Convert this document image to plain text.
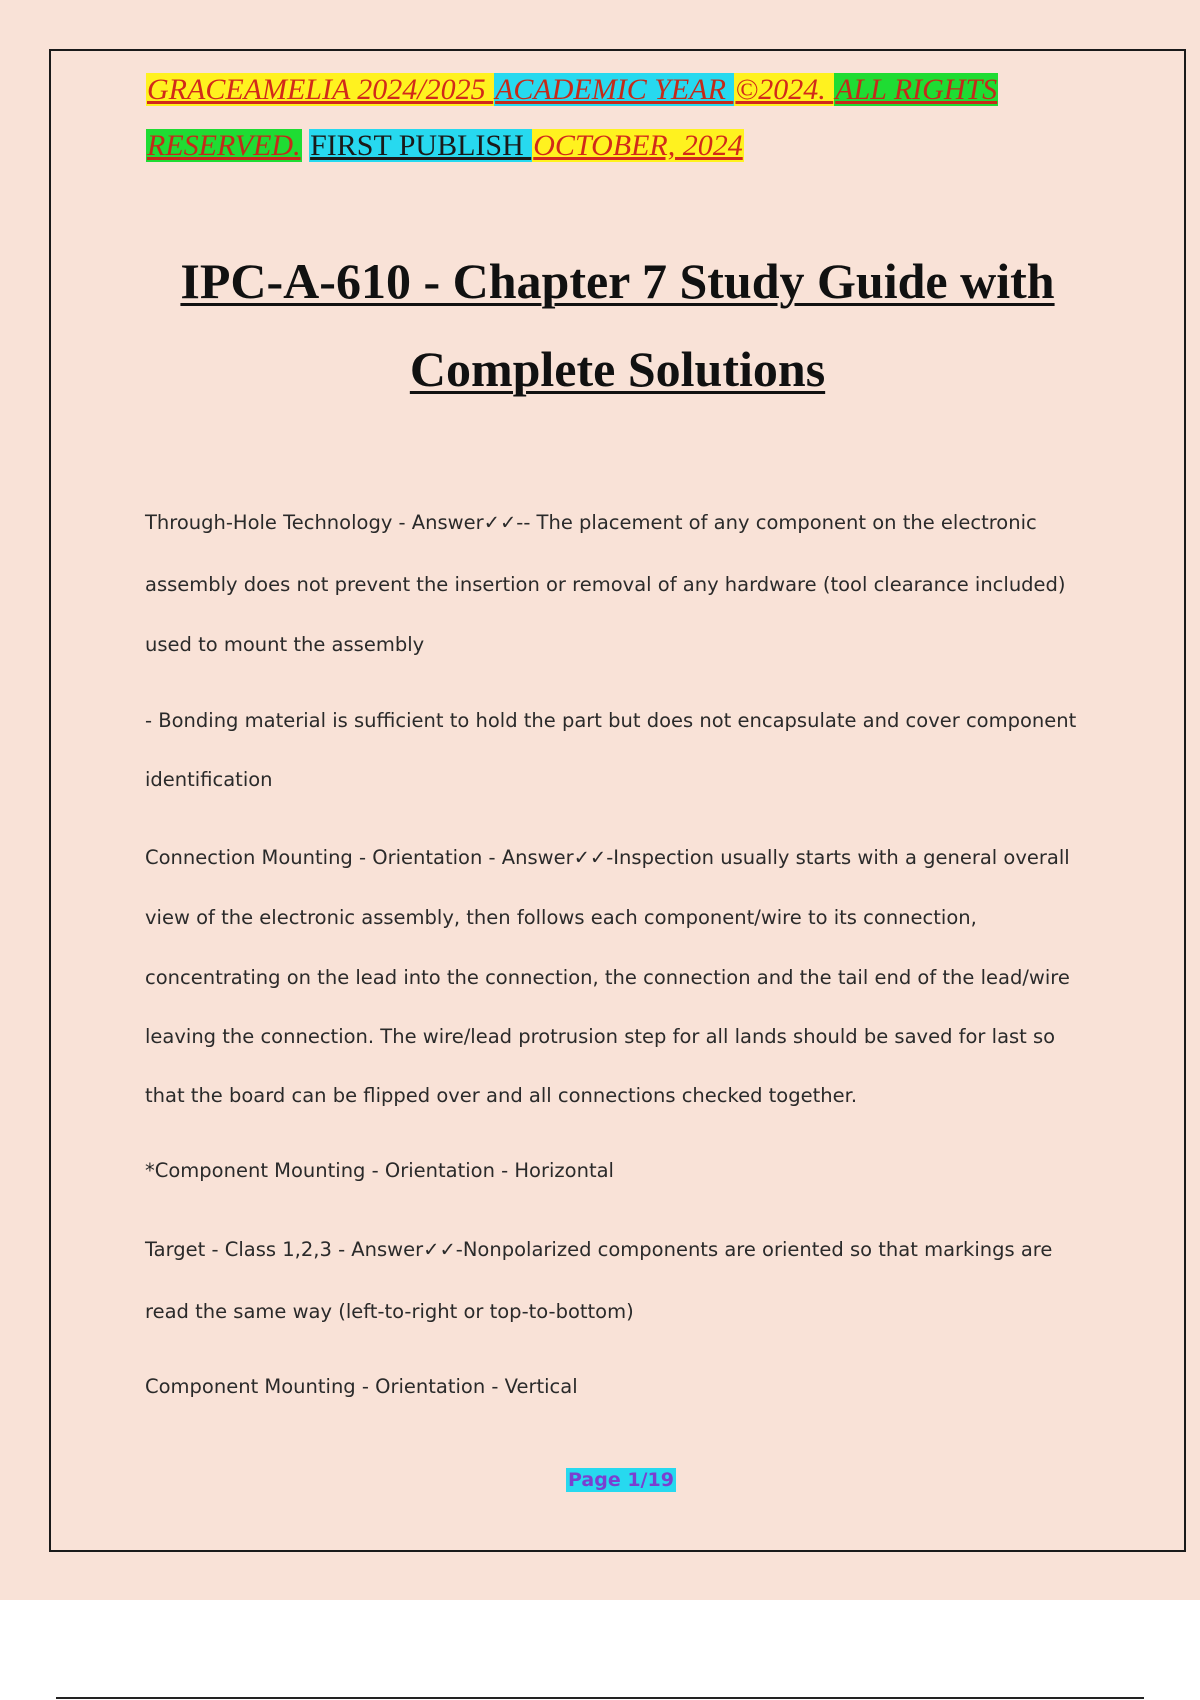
GRACEAMELIA 2024/2025 ACADEMIC YEAR ©2024. ALL RIGHTS
RESERVED. FIRST PUBLISH OCTOBER, 2024
IPC-A-610 - Chapter 7 Study Guide with
Complete Solutions
Through-Hole Technology - Answer✓✓-- The placement of any component on the electronic
assembly does not prevent the insertion or removal of any hardware (tool clearance included)
used to mount the assembly
- Bonding material is sufficient to hold the part but does not encapsulate and cover component
identification
Connection Mounting - Orientation - Answer✓✓-Inspection usually starts with a general overall
view of the electronic assembly, then follows each component/wire to its connection,
concentrating on the lead into the connection, the connection and the tail end of the lead/wire
leaving the connection. The wire/lead protrusion step for all lands should be saved for last so
that the board can be flipped over and all connections checked together.
*Component Mounting - Orientation - Horizontal
Target - Class 1,2,3 - Answer✓✓-Nonpolarized components are oriented so that markings are
read the same way (left-to-right or top-to-bottom)
Component Mounting - Orientation - Vertical
Page 1/19
